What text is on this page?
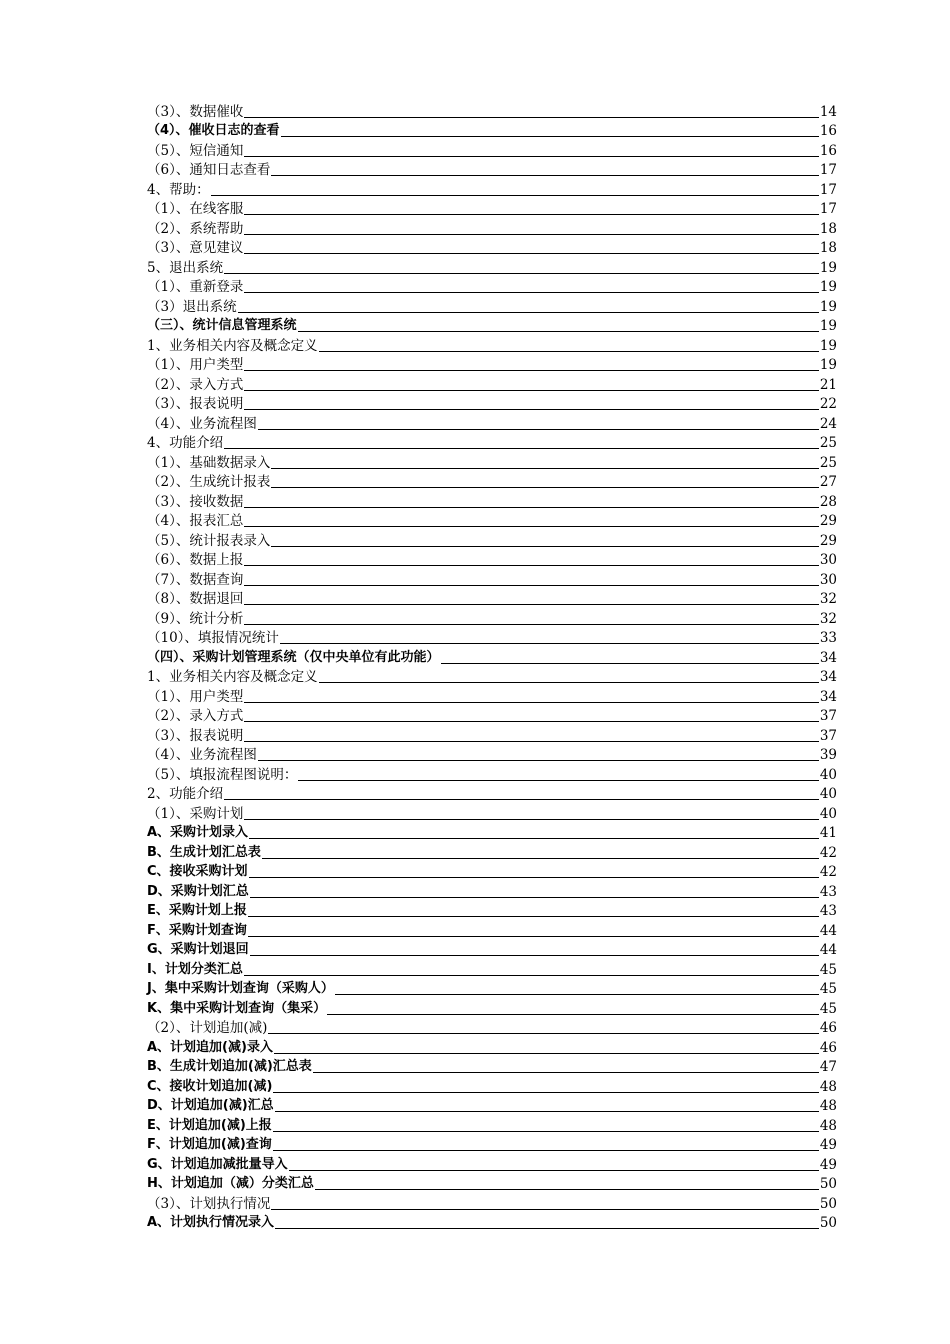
（3）、数据催收	14
（4）、催收日志的查看	16
（5）、短信通知	16
（6）、通知日志查看	17
4、帮助：	17
（1）、在线客服	17
（2）、系统帮助	18
（3）、意见建议	18
5、退出系统	19
（1）、重新登录	19
（3）退出系统	19
（三）、统计信息管理系统	19
1、业务相关内容及概念定义	19
（1）、用户类型	19
（2）、录入方式	21
（3）、报表说明	22
（4）、业务流程图	24
4、功能介绍	25
（1）、基础数据录入	25
（2）、生成统计报表	27
（3）、接收数据	28
（4）、报表汇总	29
（5）、统计报表录入	29
（6）、数据上报	30
（7）、数据查询	30
（8）、数据退回	32
（9）、统计分析	32
（10）、填报情况统计	33
（四）、采购计划管理系统（仅中央单位有此功能）	34
1、业务相关内容及概念定义	34
（1）、用户类型	34
（2）、录入方式	37
（3）、报表说明	37
（4）、业务流程图	39
（5）、填报流程图说明：	40
2、功能介绍	40
（1）、采购计划	40
A、采购计划录入	41
B、生成计划汇总表	42
C、接收采购计划	42
D、采购计划汇总	43
E、采购计划上报	43
F、采购计划查询	44
G、采购计划退回	44
I、计划分类汇总	45
J、集中采购计划查询（采购人）	45
K、集中采购计划查询（集采）	45
（2）、计划追加(减)	46
A、计划追加(减)录入	46
B、生成计划追加(减)汇总表	47
C、接收计划追加(减)	48
D、计划追加(减)汇总	48
E、计划追加(减)上报	48
F、计划追加(减)查询	49
G、计划追加减批量导入	49
H、计划追加（减）分类汇总	50
（3）、计划执行情况	50
A、计划执行情况录入	50
